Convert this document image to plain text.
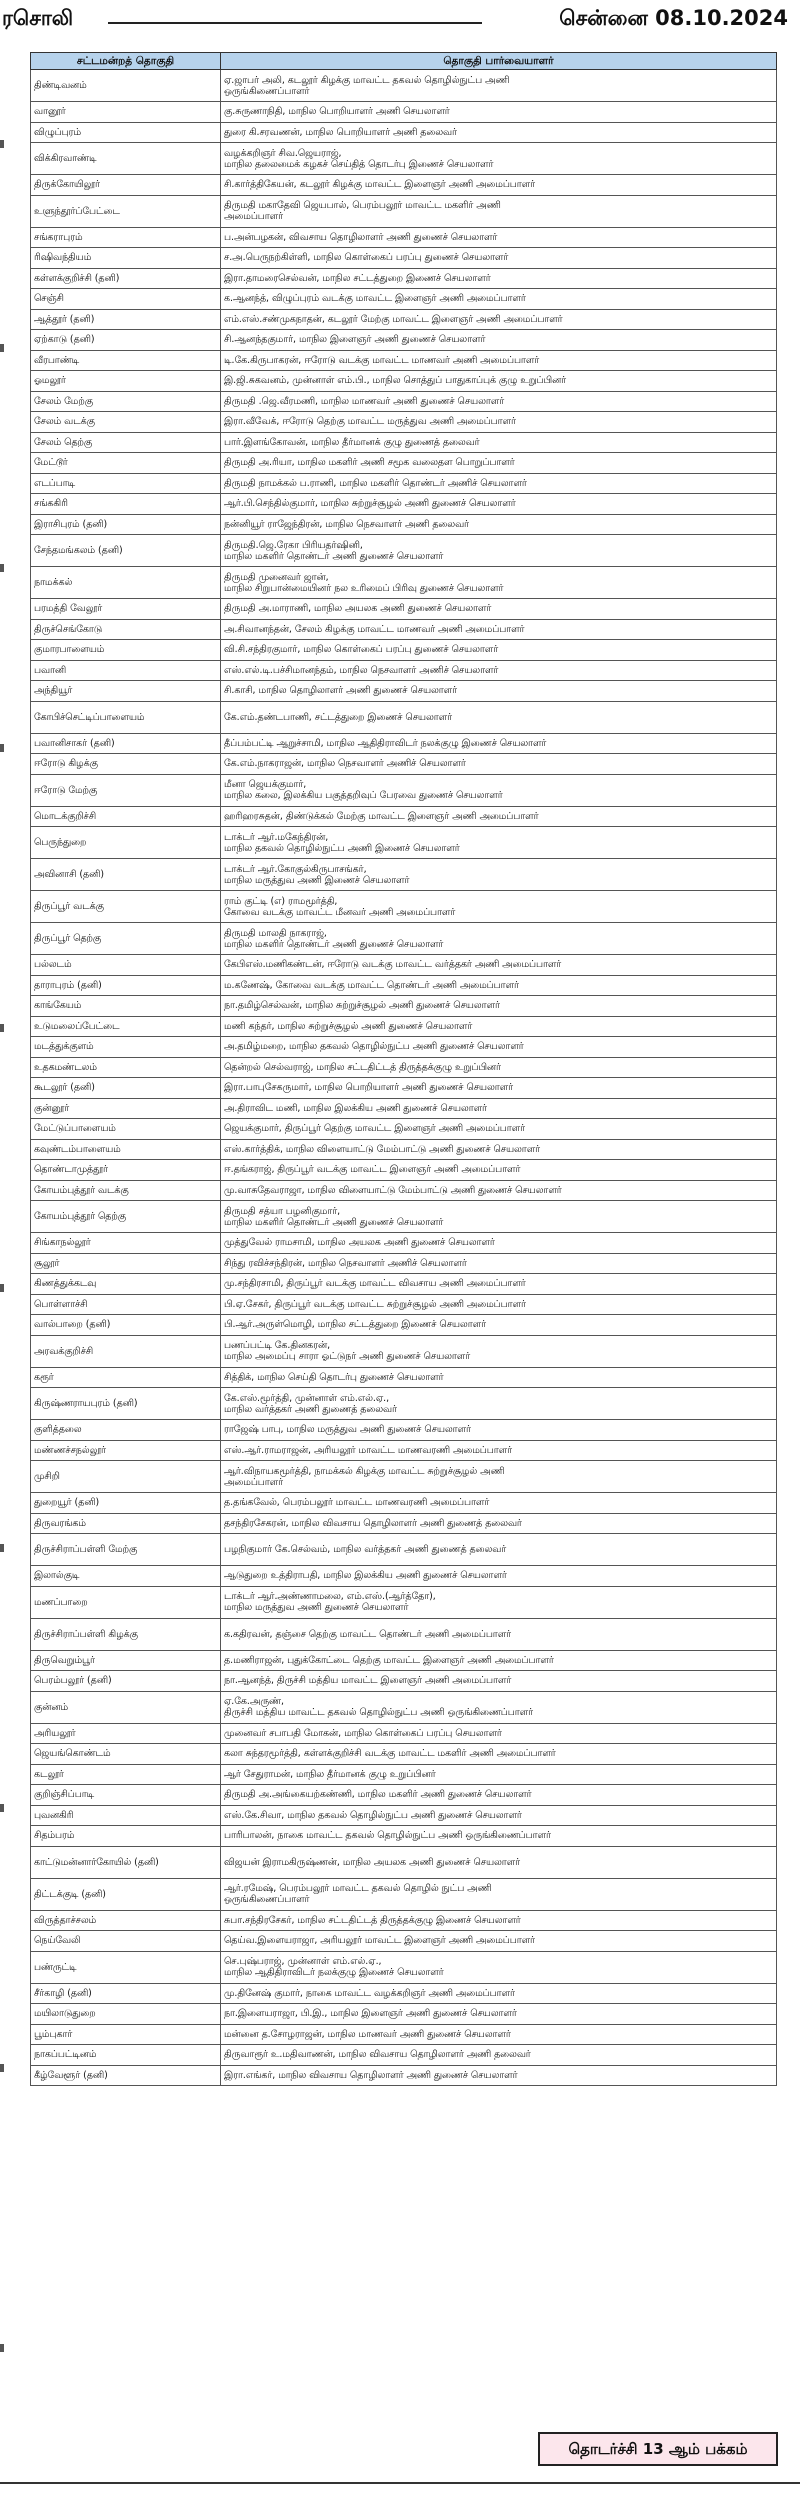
ரசொலி	சென்னை 08.10.2024
சட்டமன்றத் தொகுதி	தொகுதி பார்வையாளர்
திண்டிவனம்	ஏ.ஜாபர் அலி, கடலூர் கிழக்கு மாவட்ட தகவல் தொழில்நுட்ப அணி
ஒருங்கிணைப்பாளர்
வானூர்	கு.சுருணாநிதி, மாநில பொறியாளர் அணி செயலாளர்
விழுப்புரம்	துரை கி.சரவணன், மாநில பொறியாளர் அணி தலைவர்
விக்கிரவாண்டி	வழக்கறிஞர் சிவ.ஜெயராஜ்,
மாநில தலைமைக் கழகச் செய்தித் தொடர்பு இணைச் செயலாளர்
திருக்கோயிலூர்	சி.கார்த்திகேயன், கடலூர் கிழக்கு மாவட்ட இளைஞர் அணி அமைப்பாளர்
உளுந்தூர்ப்பேட்டை	திருமதி மகாதேவி ஜெயபால், பெரம்பலூர் மாவட்ட மகளிர் அணி
அமைப்பாளர்
சங்கராபுரம்	ப.அன்பழகன், விவசாய தொழிலாளர் அணி துணைச் செயலாளர்
ரிஷிவந்தியம்	ச.அ.பெருநற்கிள்ளி, மாநில கொள்கைப் பரப்பு துணைச் செயலாளர்
கள்ளக்குறிச்சி (தனி)	இரா.தாமரைசெல்வன், மாநில சட்டத்துறை இணைச் செயலாளர்
செஞ்சி	க.ஆனந்த், விழுப்புரம் வடக்கு மாவட்ட இளைஞர் அணி அமைப்பாளர்
ஆத்தூர் (தனி)	எம்.எஸ்.சண்முகநாதன், கடலூர் மேற்கு மாவட்ட இளைஞர் அணி அமைப்பாளர்
ஏற்காடு (தனி)	சி.ஆனந்தகுமார், மாநில இளைஞர் அணி துணைச் செயலாளர்
வீரபாண்டி	டி.கே.கிருபாகரன், ஈரோடு வடக்கு மாவட்ட மாணவர் அணி அமைப்பாளர்
ஓமலூர்	இ.ஜி.சுகவனம், முன்னாள் எம்.பி., மாநில சொத்துப் பாதுகாப்புக் குழு உறுப்பினர்
சேலம் மேற்கு	திருமதி .ஜெ.வீரமணி, மாநில மாணவர் அணி துணைச் செயலாளர்
சேலம் வடக்கு	இரா.வீவேக், ஈரோடு தெற்கு மாவட்ட மருத்துவ அணி அமைப்பாளர்
சேலம் தெற்கு	பார்.இளங்கோவன், மாநில தீர்மானக் குழு துணைத் தலைவர்
மேட்டூர்	திருமதி அ.ரியா, மாநில மகளிர் அணி சமூக வலைதள பொறுப்பாளர்
எடப்பாடி	திருமதி நாமக்கல் ப.ராணி, மாநில மகளிர் தொண்டர் அணிச் செயலாளர்
சங்ககிரி	ஆர்.பி.செந்தில்குமார், மாநில சுற்றுச்சூழல் அணி துணைச் செயலாளர்
இராசிபுரம் (தனி)	நன்னியூர் ராஜேந்திரன், மாநில நெசவாளர் அணி தலைவர்
சேந்தமங்கலம் (தனி)	திருமதி.ஜெ.ரேகா பிரியதர்ஷினி,
மாநில மகளிர் தொண்டர் அணி துணைச் செயலாளர்
நாமக்கல்	திருமதி முனைவர் ஜான்,
மாநில சிறுபான்மையினர் நல உரிமைப் பிரிவு துணைச் செயலாளர்
பரமத்தி வேலூர்	திருமதி அ.மாராணி, மாநில அயலக அணி துணைச் செயலாளர்
திருச்செங்கோடு	அ.சிவானந்தன், சேலம் கிழக்கு மாவட்ட மாணவர் அணி அமைப்பாளர்
குமாரபாளையம்	வி.சி.சந்திரகுமார், மாநில கொள்கைப் பரப்பு துணைச் செயலாளர்
பவானி	எஸ்.எல்.டி.பச்சிமானந்தம், மாநில நெசவாளர் அணிச் செயலாளர்
அந்தியூர்	சி.காசி, மாநில தொழிலாளர் அணி துணைச் செயலாளர்
கோபிச்செட்டிப்பாளையம்	கே.எம்.தண்டபாணி, சட்டத்துறை இணைச் செயலாளர்
பவானிசாகர் (தனி)	தீப்பம்பட்டி ஆறுச்சாமி, மாநில ஆதிதிராவிடர் நலக்குழு இணைச் செயலாளர்
ஈரோடு கிழக்கு	கே.எம்.நாகராஜன், மாநில நெசவாளர் அணிச் செயலாளர்
ஈரோடு மேற்கு	மீனா ஜெயக்குமார்,
மாநில கலை, இலக்கிய பகுத்தறிவுப் பேரவை துணைச் செயலாளர்
மொடக்குறிச்சி	ஹரிஹரசுதன், திண்டுக்கல் மேற்கு மாவட்ட இளைஞர் அணி அமைப்பாளர்
பெருந்துறை	டாக்டர் ஆர்.மகேந்திரன்,
மாநில தகவல் தொழில்நுட்ப அணி இணைச் செயலாளர்
அவினாசி (தனி)	டாக்டர் ஆர்.கோகுல்கிருபாசங்கர்,
மாநில மருத்துவ அணி இணைச் செயலாளர்
திருப்பூர் வடக்கு	ராம் குட்டி (எ) ராமமூர்த்தி,
கோவை வடக்கு மாவட்ட மீனவர் அணி அமைப்பாளர்
திருப்பூர் தெற்கு	திருமதி மாலதி நாகராஜ்,
மாநில மகளிர் தொண்டர் அணி துணைச் செயலாளர்
பல்லடம்	கேபிஎஸ்.மணிகண்டன், ஈரோடு வடக்கு மாவட்ட வர்த்தகர் அணி அமைப்பாளர்
தாராபுரம் (தனி)	ம.கணேஷ், கோவை வடக்கு மாவட்ட தொண்டர் அணி அமைப்பாளர்
காங்கேயம்	நா.தமிழ்செல்வன், மாநில சுற்றுச்சூழல் அணி துணைச் செயலாளர்
உடுமலைப்பேட்டை	மணி கந்தர், மாநில சுற்றுச்சூழல் அணி துணைச் செயலாளர்
மடத்துக்குளம்	அ.தமிழ்மறை, மாநில தகவல் தொழில்நுட்ப அணி துணைச் செயலாளர்
உதகமண்டலம்	தென்றல் செல்வராஜ், மாநில சட்டதிட்டத் திருத்தக்குழு உறுப்பினர்
கூடலூர் (தனி)	இரா.பாபுசேகருமார், மாநில பொறியாளர் அணி துணைச் செயலாளர்
குன்னூர்	அ.திராவிட மணி, மாநில இலக்கிய அணி துணைச் செயலாளர்
மேட்டுப்பாளையம்	ஜெயக்குமார், திருப்பூர் தெற்கு மாவட்ட இளைஞர் அணி அமைப்பாளர்
கவுண்டம்பாளையம்	எஸ்.கார்த்திக், மாநில விளையாட்டு மேம்பாட்டு அணி துணைச் செயலாளர்
தொண்டாமுத்தூர்	ஈ.தங்கராஜ், திருப்பூர் வடக்கு மாவட்ட இளைஞர் அணி அமைப்பாளர்
கோயம்புத்தூர் வடக்கு	மு.வாசுதேவராஜா, மாநில விளையாட்டு மேம்பாட்டு அணி துணைச் செயலாளர்
கோயம்புத்தூர் தெற்கு	திருமதி சத்யா பழனிகுமார்,
மாநில மகளிர் தொண்டர் அணி துணைச் செயலாளர்
சிங்காநல்லூர்	முத்துவேல் ராமசாமி, மாநில அயலக அணி துணைச் செயலாளர்
சூலூர்	சிந்து ரவிச்சந்திரன், மாநில நெசவாளர் அணிச் செயலாளர்
கிணத்துக்கடவு	மு.சந்திரசாமி, திருப்பூர் வடக்கு மாவட்ட விவசாய அணி அமைப்பாளர்
பொள்ளாச்சி	பி.ஏ.சேகர், திருப்பூர் வடக்கு மாவட்ட சுற்றுச்சூழல் அணி அமைப்பாளர்
வால்பாறை (தனி)	பி.ஆர்.அருள்மொழி, மாநில சட்டத்துறை இணைச் செயலாளர்
அரவக்குறிச்சி	பணப்பட்டி கே.தினகரன்,
மாநில அமைப்பு சாரா ஓட்டுநர் அணி துணைச் செயலாளர்
கரூர்	சித்திக், மாநில செய்தி தொடர்பு துணைச் செயலாளர்
கிருஷ்ணராயபுரம் (தனி)	கே.எஸ்.மூர்த்தி, முன்னாள் எம்.எல்.ஏ.,
மாநில வர்த்தகர் அணி துணைத் தலைவர்
குளித்தலை	ராஜேஷ் பாபு, மாநில மருத்துவ அணி துணைச் செயலாளர்
மண்ணச்சநல்லூர்	எஸ்.ஆர்.ராமராஜன், அரியலூர் மாவட்ட மாணவரணி அமைப்பாளர்
முசிறி	ஆர்.விநாயகமூர்த்தி, நாமக்கல் கிழக்கு மாவட்ட சுற்றுச்சூழல் அணி
அமைப்பாளர்
துறையூர் (தனி)	த.தங்கவேல், பெரம்பலூர் மாவட்ட மாணவரணி அமைப்பாளர்
திருவரங்கம்	தசந்திரசேகரன், மாநில விவசாய தொழிலாளர் அணி துணைத் தலைவர்
திருச்சிராப்பள்ளி மேற்கு	பழநிகுமார் கே.செல்வம், மாநில வர்த்தகர் அணி துணைத் தலைவர்
இலால்குடி	ஆடுதுறை உத்திராபதி, மாநில இலக்கிய அணி துணைச் செயலாளர்
மணப்பாறை	டாக்டர் ஆர்.அண்ணாமலை, எம்.எஸ்.(ஆர்த்தோ),
மாநில மருத்துவ அணி துணைச் செயலாளர்
திருச்சிராப்பள்ளி கிழக்கு	க.கதிரவன், தஞ்சை தெற்கு மாவட்ட தொண்டர் அணி அமைப்பாளர்
திருவெறும்பூர்	த.மணிராஜன், புதுக்கோட்டை தெற்கு மாவட்ட இளைஞர் அணி அமைப்பாளர்
பெரம்பலூர் (தனி)	நா.ஆனந்த், திருச்சி மத்திய மாவட்ட இளைஞர் அணி அமைப்பாளர்
குன்னம்	ஏ.கே.அருண்,
திருச்சி மத்திய மாவட்ட தகவல் தொழில்நுட்ப அணி ஒருங்கிணைப்பாளர்
அரியலூர்	முனைவர் சபாபதி மோகன், மாநில கொள்கைப் பரப்பு செயலாளர்
ஜெயங்கொண்டம்	கலா சுந்தரமூர்த்தி, கள்ளக்குறிச்சி வடக்கு மாவட்ட மகளிர் அணி அமைப்பாளர்
கடலூர்	ஆர் சேதுராமன், மாநில தீர்மானக் குழு உறுப்பினர்
குறிஞ்சிப்பாடி	திருமதி அ.அங்கையற்கண்ணி, மாநில மகளிர் அணி துணைச் செயலாளர்
புவனகிரி	எஸ்.கே.சிவா, மாநில தகவல் தொழில்நுட்ப அணி துணைச் செயலாளர்
சிதம்பரம்	பாரிபாலன், நாகை மாவட்ட தகவல் தொழில்நுட்ப அணி ஒருங்கிணைப்பாளர்
காட்டுமன்னார்கோயில் (தனி)	விஜயன் இராமகிருஷ்ணன், மாநில அயலக அணி துணைச் செயலாளர்
திட்டக்குடி (தனி)	ஆர்.ரமேஷ், பெரம்பலூர் மாவட்ட தகவல் தொழில் நுட்ப அணி
ஒருங்கிணைப்பாளர்
விருத்தாச்சலம்	சுபா.சந்திரசேகர், மாநில சட்டதிட்டத் திருத்தக்குழு இணைச் செயலாளர்
நெய்வேலி	தெய்வ.இளையராஜா, அரியலூர் மாவட்ட இளைஞர் அணி அமைப்பாளர்
பண்ருட்டி	செ.புஷ்பராஜ், முன்னாள் எம்.எல்.ஏ.,
மாநில ஆதிதிராவிடர் நலக்குழு இணைச் செயலாளர்
சீர்காழி (தனி)	மு.தினேஷ் குமார், நாகை மாவட்ட வழக்கறிஞர் அணி அமைப்பாளர்
மயிலாடுதுறை	நா.இளையராஜா, பி.இ., மாநில இளைஞர் அணி துணைச் செயலாளர்
பூம்புகார்	மன்னை த.சோழராஜன், மாநில மாணவர் அணி துணைச் செயலாளர்
நாகப்பட்டினம்	திருவாரூர் உ.மதிவாணன், மாநில விவசாய தொழிலாளர் அணி தலைவர்
கீழ்வேளூர் (தனி)	இரா.எங்கர், மாநில விவசாய தொழிலாளர் அணி துணைச் செயலாளர்
தொடர்ச்சி 13 ஆம் பக்கம்
